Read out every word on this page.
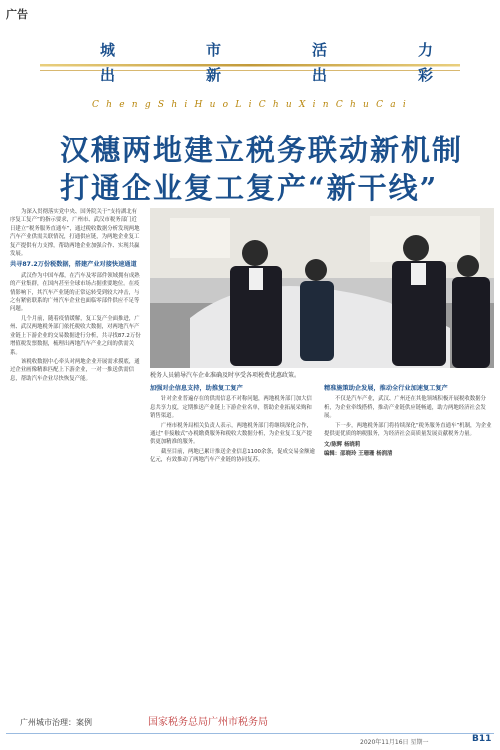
广告
城	市	活	力
出	新	出	彩
C h e n g S h i H u o L i C h u X i n C h u C a i
汉穗两地建立税务联动新机制
打通企业复工复产“新干线”

为深入贯彻落实党中央、国务院关于“支持湖北有序复工复产”的指示要求，广州市、武汉市税务部门近日建立“税务服务直通车”，通过税收数据分析发现两地汽车产业供需关联情况，打通供应链，为两地企业复工复产提供有力支撑，帮助两地企业加强合作、实现共赢发展。

共寻87.2万份税数据，搭建产业对接快速通道

武汉作为中国车都，在汽车及零部件领域拥有成熟的产业集群，在国内甚至全球市场占据重要地位。在疫情影响下，其汽车产业链的正常运转受到较大冲击，与之有紧密联系的广州汽车企业也面临零部件供应不足等问题。

几个月前，随着疫情缓解，复工复产全面推进，广州、武汉两地税务部门依托税收大数据，对两地汽车产业链上下游企业的交易数据进行分析，共寻找87.2万份增值税发票数据，梳理出两地汽车产业之间的供需关系。

该税收数据中心牵头对两地企业开展需求摸底，通过企业画像精准匹配上下游企业，一对一推送供需信息，帮助汽车企业尽快恢复产能。	税务人员辅导汽车企业准确及时享受各项税费优惠政策。
加强对企信息支持，助推复工复产

针对企业普遍存在的供需信息不对称问题，两地税务部门加大信息共享力度，定期推送产业链上下游企业名单，帮助企业拓展采购和销售渠道。

广州市税务局相关负责人表示，两地税务部门将继续深化合作，通过“非接触式”办税缴费服务和税收大数据分析，为企业复工复产提供更加精准的服务。

截至目前，两地已累计推送企业信息1100余条，促成交易金额逾亿元，有效推动了两地汽车产业链的协同复苏。

精准施策助企发展，推动全行业加速复工复产

不仅是汽车产业，武汉、广州还在其他领域积极开展税收数据分析，为企业牵线搭桥，推动产业链供应链畅通，助力两地经济社会发展。

下一步，两地税务部门将持续深化“税务服务直通车”机制，为企业提供更优质的纳税服务，为经济社会高质量发展贡献税务力量。

文/陈辉 杨晓莉
编辑：邵晓玲 王珊珊 杨润清
广州城市治理：案例	国家税务总局广州市税务局
2020年11月16日 星期一	B11
